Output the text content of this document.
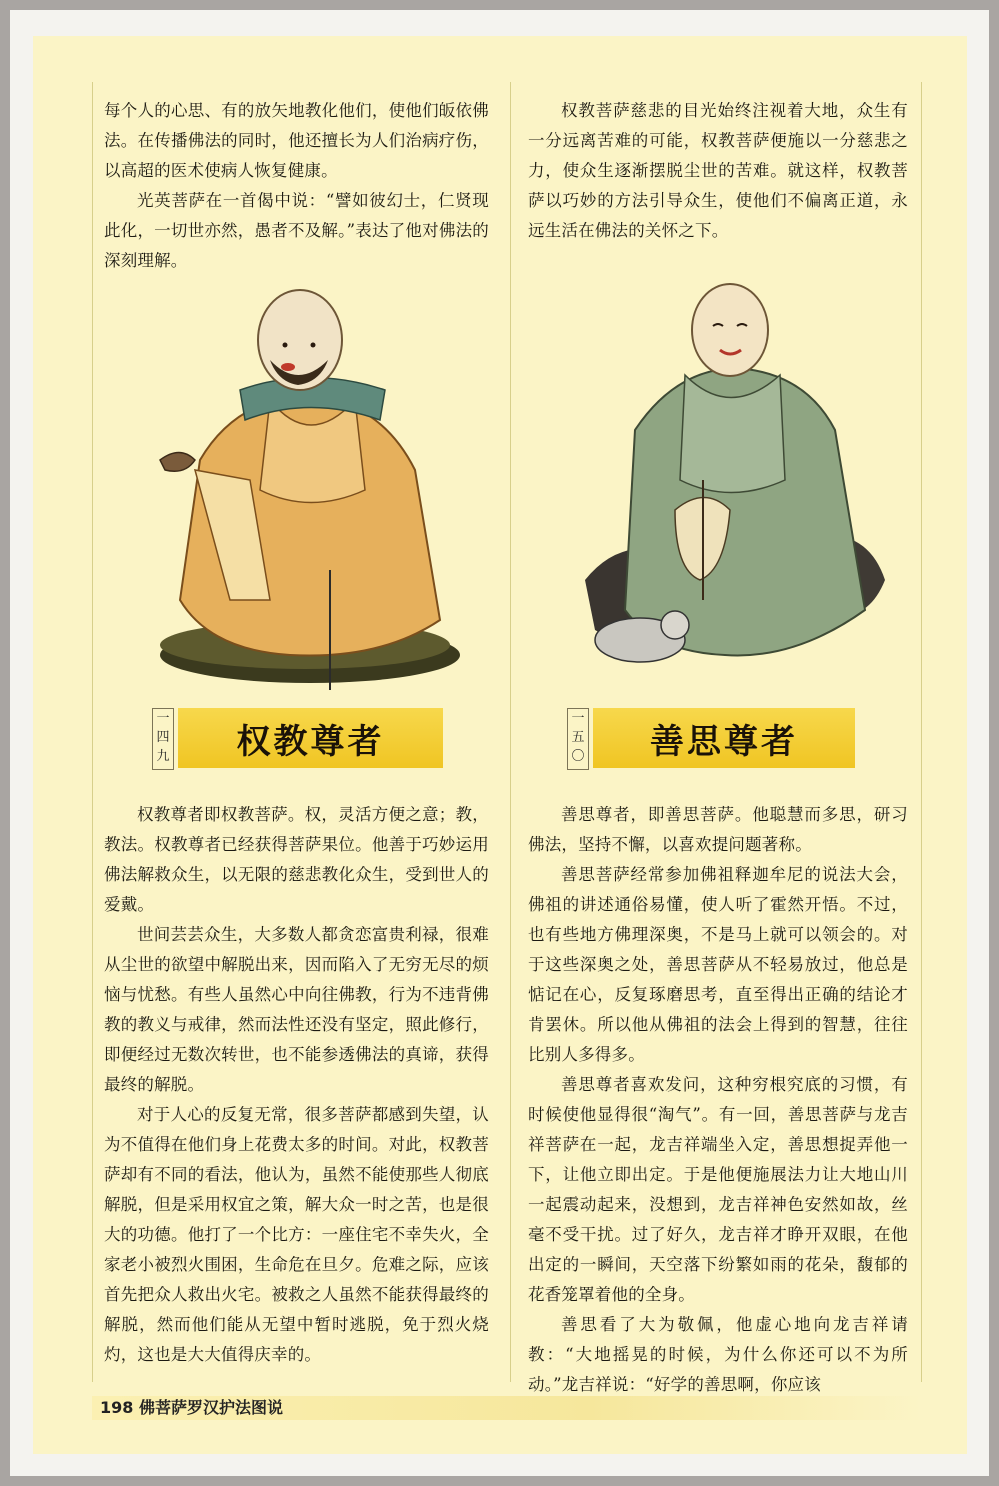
每个人的心思、有的放矢地教化他们，使他们皈依佛法。在传播佛法的同时，他还擅长为人们治病疗伤，以高超的医术使病人恢复健康。

光英菩萨在一首偈中说：“譬如彼幻士，仁贤现此化，一切世亦然，愚者不及解。”表达了他对佛法的深刻理解。

一四九	权教尊者

权教尊者即权教菩萨。权，灵活方便之意；教，教法。权教尊者已经获得菩萨果位。他善于巧妙运用佛法解救众生，以无限的慈悲教化众生，受到世人的爱戴。

世间芸芸众生，大多数人都贪恋富贵利禄，很难从尘世的欲望中解脱出来，因而陷入了无穷无尽的烦恼与忧愁。有些人虽然心中向往佛教，行为不违背佛教的教义与戒律，然而法性还没有坚定，照此修行，即便经过无数次转世，也不能参透佛法的真谛，获得最终的解脱。

对于人心的反复无常，很多菩萨都感到失望，认为不值得在他们身上花费太多的时间。对此，权教菩萨却有不同的看法，他认为，虽然不能使那些人彻底解脱，但是采用权宜之策，解大众一时之苦，也是很大的功德。他打了一个比方：一座住宅不幸失火，全家老小被烈火围困，生命危在旦夕。危难之际，应该首先把众人救出火宅。被救之人虽然不能获得最终的解脱，然而他们能从无望中暂时逃脱，免于烈火烧灼，这也是大大值得庆幸的。

权教菩萨慈悲的目光始终注视着大地，众生有一分远离苦难的可能，权教菩萨便施以一分慈悲之力，使众生逐渐摆脱尘世的苦难。就这样，权教菩萨以巧妙的方法引导众生，使他们不偏离正道，永远生活在佛法的关怀之下。

一五〇	善思尊者

善思尊者，即善思菩萨。他聪慧而多思，研习佛法，坚持不懈，以喜欢提问题著称。

善思菩萨经常参加佛祖释迦牟尼的说法大会，佛祖的讲述通俗易懂，使人听了霍然开悟。不过，也有些地方佛理深奥，不是马上就可以领会的。对于这些深奥之处，善思菩萨从不轻易放过，他总是惦记在心，反复琢磨思考，直至得出正确的结论才肯罢休。所以他从佛祖的法会上得到的智慧，往往比别人多得多。

善思尊者喜欢发问，这种穷根究底的习惯，有时候使他显得很“淘气”。有一回，善思菩萨与龙吉祥菩萨在一起，龙吉祥端坐入定，善思想捉弄他一下，让他立即出定。于是他便施展法力让大地山川一起震动起来，没想到，龙吉祥神色安然如故，丝毫不受干扰。过了好久，龙吉祥才睁开双眼，在他出定的一瞬间，天空落下纷繁如雨的花朵，馥郁的花香笼罩着他的全身。

善思看了大为敬佩，他虚心地向龙吉祥请教：“大地摇晃的时候，为什么你还可以不为所动。”龙吉祥说：“好学的善思啊，你应该

198 佛菩萨罗汉护法图说
